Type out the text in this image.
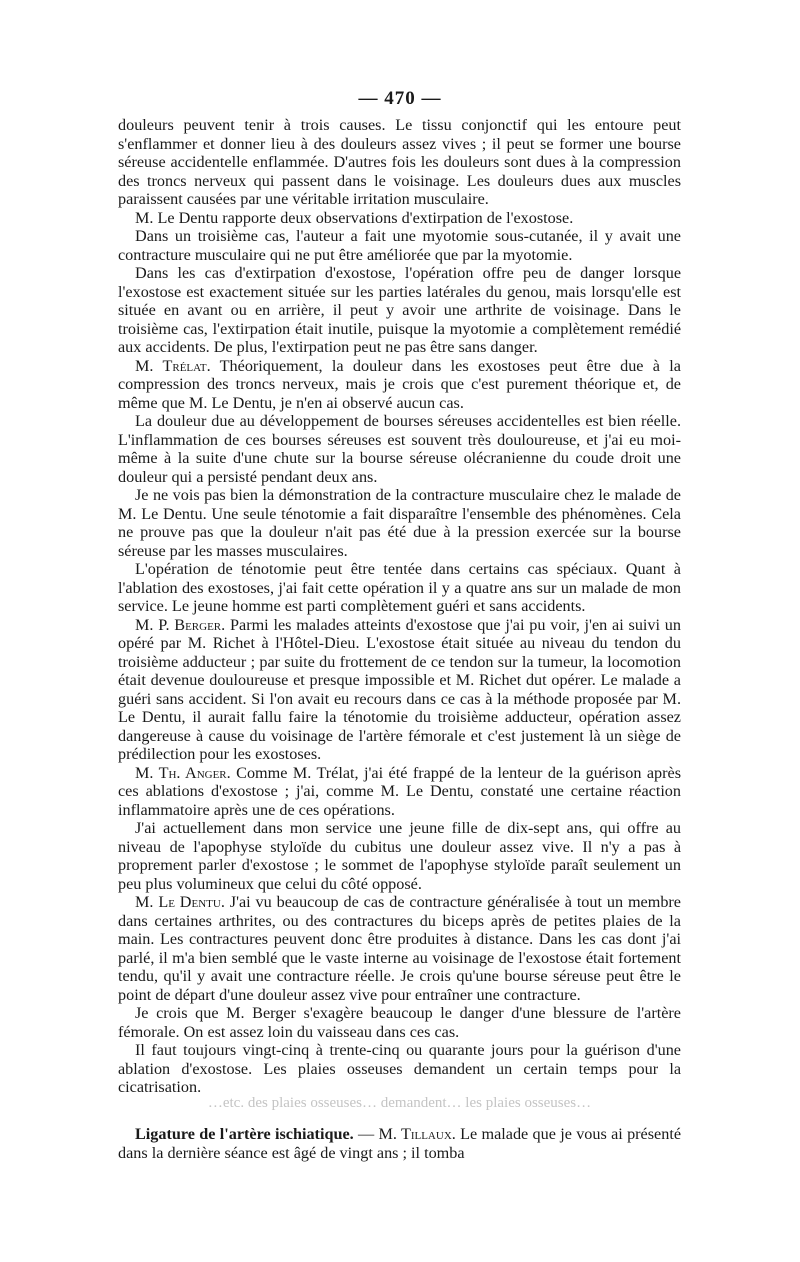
— 470 —

douleurs peuvent tenir à trois causes. Le tissu conjonctif qui les entoure peut s'enflammer et donner lieu à des douleurs assez vives ; il peut se former une bourse séreuse accidentelle enflammée. D'autres fois les douleurs sont dues à la compression des troncs nerveux qui passent dans le voisinage. Les douleurs dues aux muscles paraissent causées par une véritable irritation musculaire.

M. Le Dentu rapporte deux observations d'extirpation de l'exostose.

Dans un troisième cas, l'auteur a fait une myotomie sous-cutanée, il y avait une contracture musculaire qui ne put être améliorée que par la myotomie.

Dans les cas d'extirpation d'exostose, l'opération offre peu de danger lorsque l'exostose est exactement située sur les parties latérales du genou, mais lorsqu'elle est située en avant ou en arrière, il peut y avoir une arthrite de voisinage. Dans le troisième cas, l'extirpation était inutile, puisque la myotomie a complètement remédié aux accidents. De plus, l'extirpation peut ne pas être sans danger.

M. Trélat. Théoriquement, la douleur dans les exostoses peut être due à la compression des troncs nerveux, mais je crois que c'est purement théorique et, de même que M. Le Dentu, je n'en ai observé aucun cas.

La douleur due au développement de bourses séreuses accidentelles est bien réelle. L'inflammation de ces bourses séreuses est souvent très douloureuse, et j'ai eu moi-même à la suite d'une chute sur la bourse séreuse olécranienne du coude droit une douleur qui a persisté pendant deux ans.

Je ne vois pas bien la démonstration de la contracture musculaire chez le malade de M. Le Dentu. Une seule ténotomie a fait disparaître l'ensemble des phénomènes. Cela ne prouve pas que la douleur n'ait pas été due à la pression exercée sur la bourse séreuse par les masses musculaires.

L'opération de ténotomie peut être tentée dans certains cas spéciaux. Quant à l'ablation des exostoses, j'ai fait cette opération il y a quatre ans sur un malade de mon service. Le jeune homme est parti complètement guéri et sans accidents.

M. P. Berger. Parmi les malades atteints d'exostose que j'ai pu voir, j'en ai suivi un opéré par M. Richet à l'Hôtel-Dieu. L'exostose était située au niveau du tendon du troisième adducteur ; par suite du frottement de ce tendon sur la tumeur, la locomotion était devenue douloureuse et presque impossible et M. Richet dut opérer. Le malade a guéri sans accident. Si l'on avait eu recours dans ce cas à la méthode proposée par M. Le Dentu, il aurait fallu faire la ténotomie du troisième adducteur, opération assez dangereuse à cause du voisinage de l'artère fémorale et c'est justement là un siège de prédilection pour les exostoses.

M. Th. Anger. Comme M. Trélat, j'ai été frappé de la lenteur de la guérison après ces ablations d'exostose ; j'ai, comme M. Le Dentu, constaté une certaine réaction inflammatoire après une de ces opérations.

J'ai actuellement dans mon service une jeune fille de dix-sept ans, qui offre au niveau de l'apophyse styloïde du cubitus une douleur assez vive. Il n'y a pas à proprement parler d'exostose ; le sommet de l'apophyse styloïde paraît seulement un peu plus volumineux que celui du côté opposé.

M. Le Dentu. J'ai vu beaucoup de cas de contracture généralisée à tout un membre dans certaines arthrites, ou des contractures du biceps après de petites plaies de la main. Les contractures peuvent donc être produites à distance. Dans les cas dont j'ai parlé, il m'a bien semblé que le vaste interne au voisinage de l'exostose était fortement tendu, qu'il y avait une contracture réelle. Je crois qu'une bourse séreuse peut être le point de départ d'une douleur assez vive pour entraîner une contracture.

Je crois que M. Berger s'exagère beaucoup le danger d'une blessure de l'artère fémorale. On est assez loin du vaisseau dans ces cas.

Il faut toujours vingt-cinq à trente-cinq ou quarante jours pour la guérison d'une ablation d'exostose. Les plaies osseuses demandent un certain temps pour la cicatrisation.

…etc. des plaies osseuses… demandent… les plaies osseuses…

Ligature de l'artère ischiatique. — M. Tillaux. Le malade que je vous ai présenté dans la dernière séance est âgé de vingt ans ; il tomba
